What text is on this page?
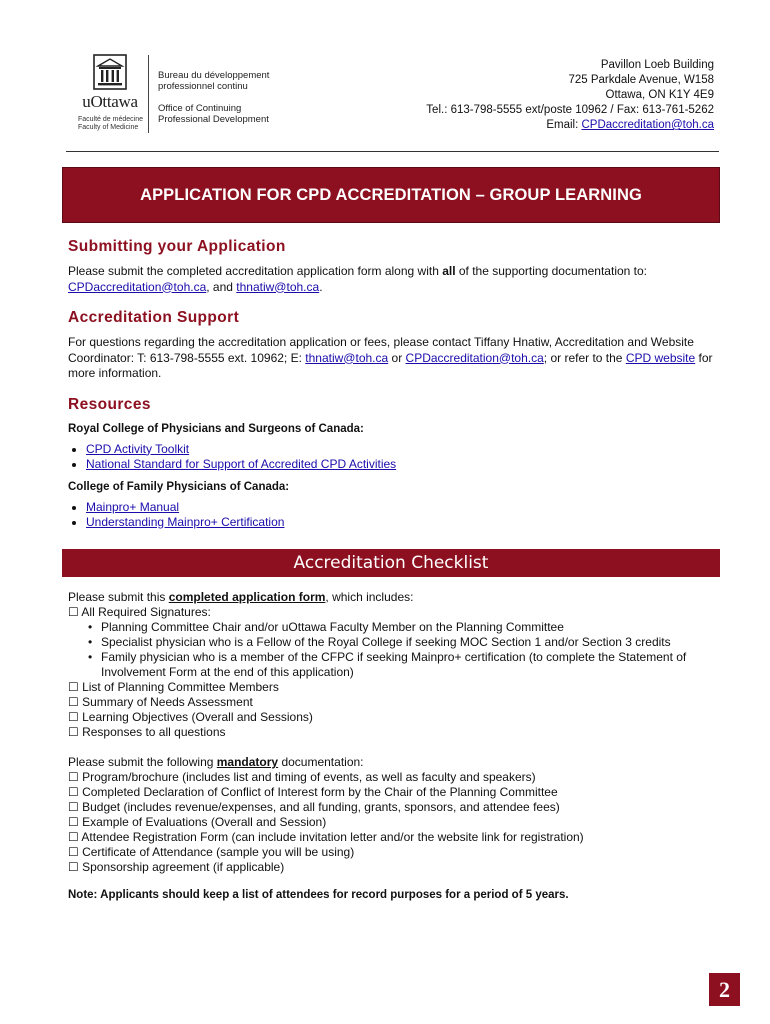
uOttawa
Faculté de médecine
Faculty of Medicine
Bureau du développement
professionnel continu
Office of Continuing
Professional Development
Pavillon Loeb Building
725 Parkdale Avenue, W158
Ottawa, ON K1Y 4E9
Tel.: 613-798-5555 ext/poste 10962 / Fax: 613-761-5262
Email: CPDaccreditation@toh.ca
APPLICATION FOR CPD ACCREDITATION – GROUP LEARNING
Submitting your Application

Please submit the completed accreditation application form along with all of the supporting documentation to:
CPDaccreditation@toh.ca, and thnatiw@toh.ca.

Accreditation Support

For questions regarding the accreditation application or fees, please contact Tiffany Hnatiw, Accreditation and Website Coordinator: T: 613-798-5555 ext. 10962; E: thnatiw@toh.ca or CPDaccreditation@toh.ca; or refer to the CPD website for more information.

Resources

Royal College of Physicians and Surgeons of Canada:

• CPD Activity Toolkit
• National Standard for Support of Accredited CPD Activities

College of Family Physicians of Canada:

• Mainpro+ Manual
• Understanding Mainpro+ Certification
Accreditation Checklist
Please submit this completed application form, which includes:
☐ All Required Signatures:
• Planning Committee Chair and/or uOttawa Faculty Member on the Planning Committee
• Specialist physician who is a Fellow of the Royal College if seeking MOC Section 1 and/or Section 3 credits
• Family physician who is a member of the CFPC if seeking Mainpro+ certification (to complete the Statement of Involvement Form at the end of this application)
☐ List of Planning Committee Members
☐ Summary of Needs Assessment
☐ Learning Objectives (Overall and Sessions)
☐ Responses to all questions
Please submit the following mandatory documentation:
☐ Program/brochure (includes list and timing of events, as well as faculty and speakers)
☐ Completed Declaration of Conflict of Interest form by the Chair of the Planning Committee
☐ Budget (includes revenue/expenses, and all funding, grants, sponsors, and attendee fees)
☐ Example of Evaluations (Overall and Session)
☐ Attendee Registration Form (can include invitation letter and/or the website link for registration)
☐ Certificate of Attendance (sample you will be using)
☐ Sponsorship agreement (if applicable)
Note: Applicants should keep a list of attendees for record purposes for a period of 5 years.
2
